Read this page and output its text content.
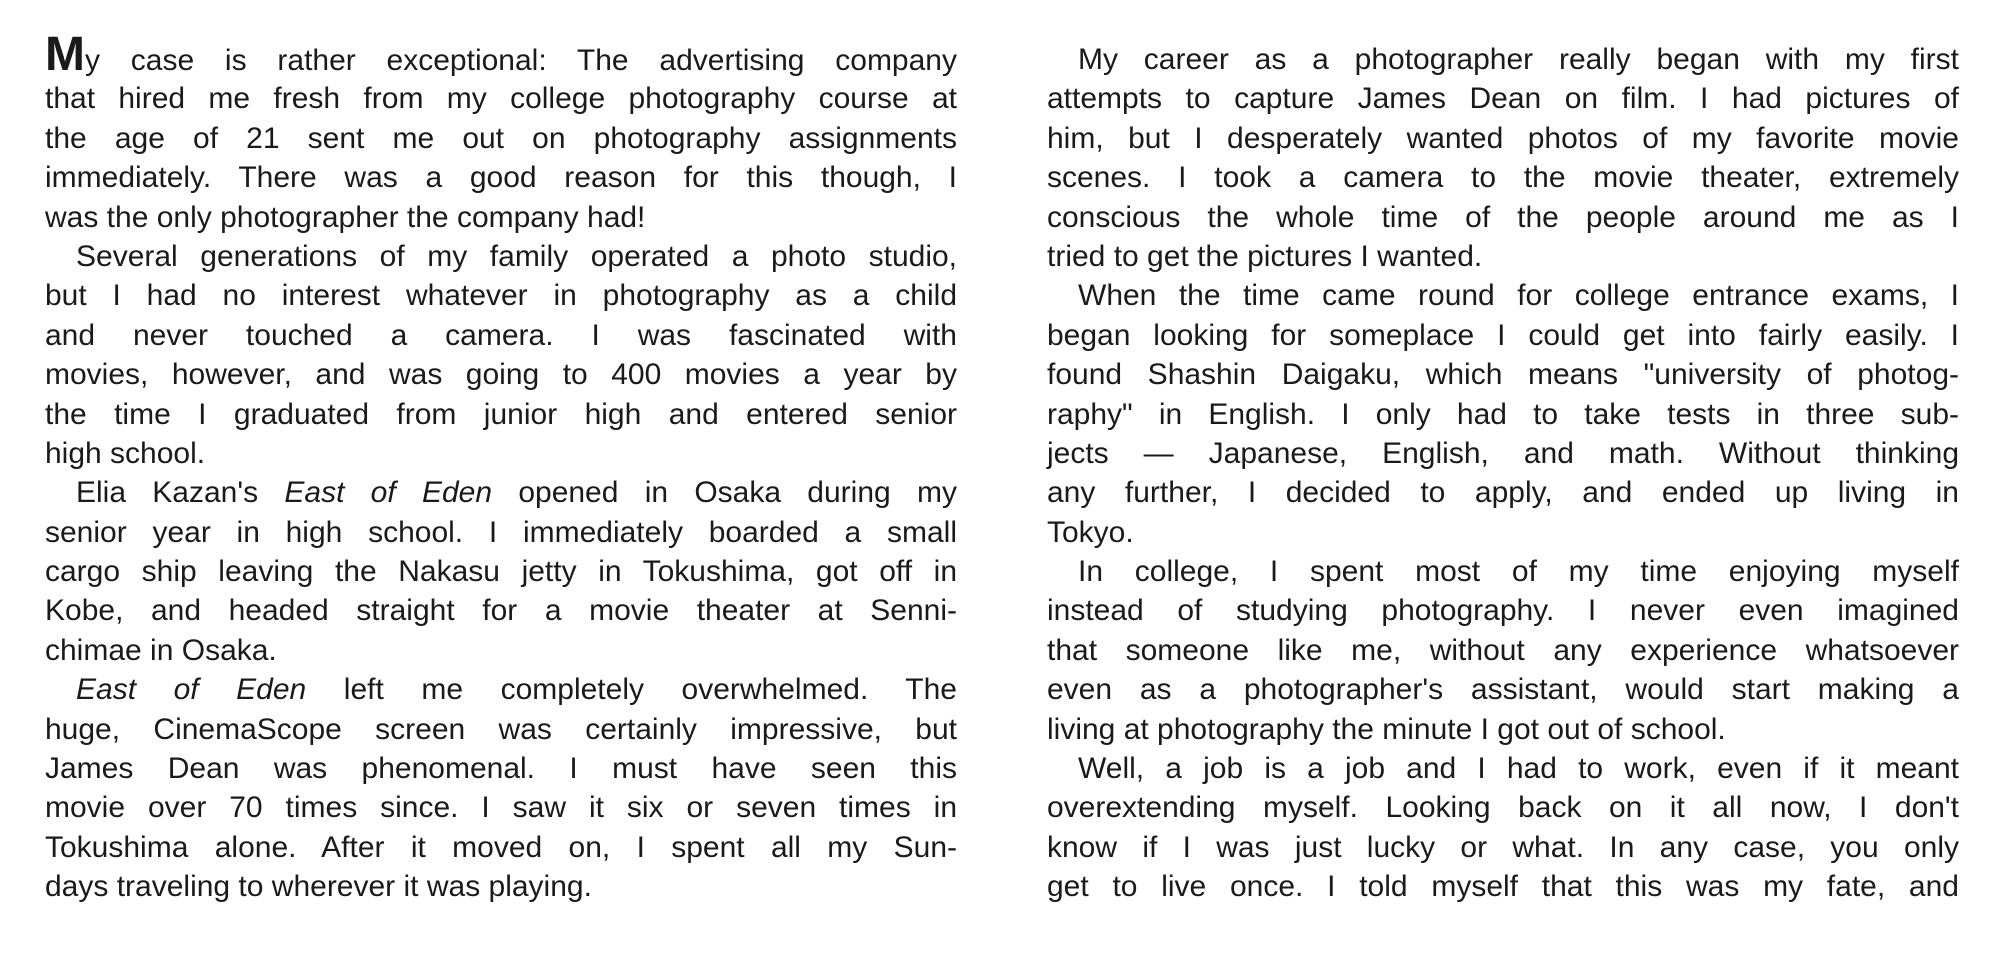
My case is rather exceptional: The advertising company
that hired me fresh from my college photography course at
the age of 21 sent me out on photography assignments
immediately. There was a good reason for this though, I
was the only photographer the company had!
Several generations of my family operated a photo studio,
but I had no interest whatever in photography as a child
and never touched a camera. I was fascinated with
movies, however, and was going to 400 movies a year by
the time I graduated from junior high and entered senior
high school.
Elia Kazan's East of Eden opened in Osaka during my
senior year in high school. I immediately boarded a small
cargo ship leaving the Nakasu jetty in Tokushima, got off in
Kobe, and headed straight for a movie theater at Senni-
chimae in Osaka.
East of Eden left me completely overwhelmed. The
huge, CinemaScope screen was certainly impressive, but
James Dean was phenomenal. I must have seen this
movie over 70 times since. I saw it six or seven times in
Tokushima alone. After it moved on, I spent all my Sun-
days traveling to wherever it was playing.
My career as a photographer really began with my first
attempts to capture James Dean on film. I had pictures of
him, but I desperately wanted photos of my favorite movie
scenes. I took a camera to the movie theater, extremely
conscious the whole time of the people around me as I
tried to get the pictures I wanted.
When the time came round for college entrance exams, I
began looking for someplace I could get into fairly easily. I
found Shashin Daigaku, which means "university of photog-
raphy" in English. I only had to take tests in three sub-
jects — Japanese, English, and math. Without thinking
any further, I decided to apply, and ended up living in
Tokyo.
In college, I spent most of my time enjoying myself
instead of studying photography. I never even imagined
that someone like me, without any experience whatsoever
even as a photographer's assistant, would start making a
living at photography the minute I got out of school.
Well, a job is a job and I had to work, even if it meant
overextending myself. Looking back on it all now, I don't
know if I was just lucky or what. In any case, you only
get to live once. I told myself that this was my fate, and
